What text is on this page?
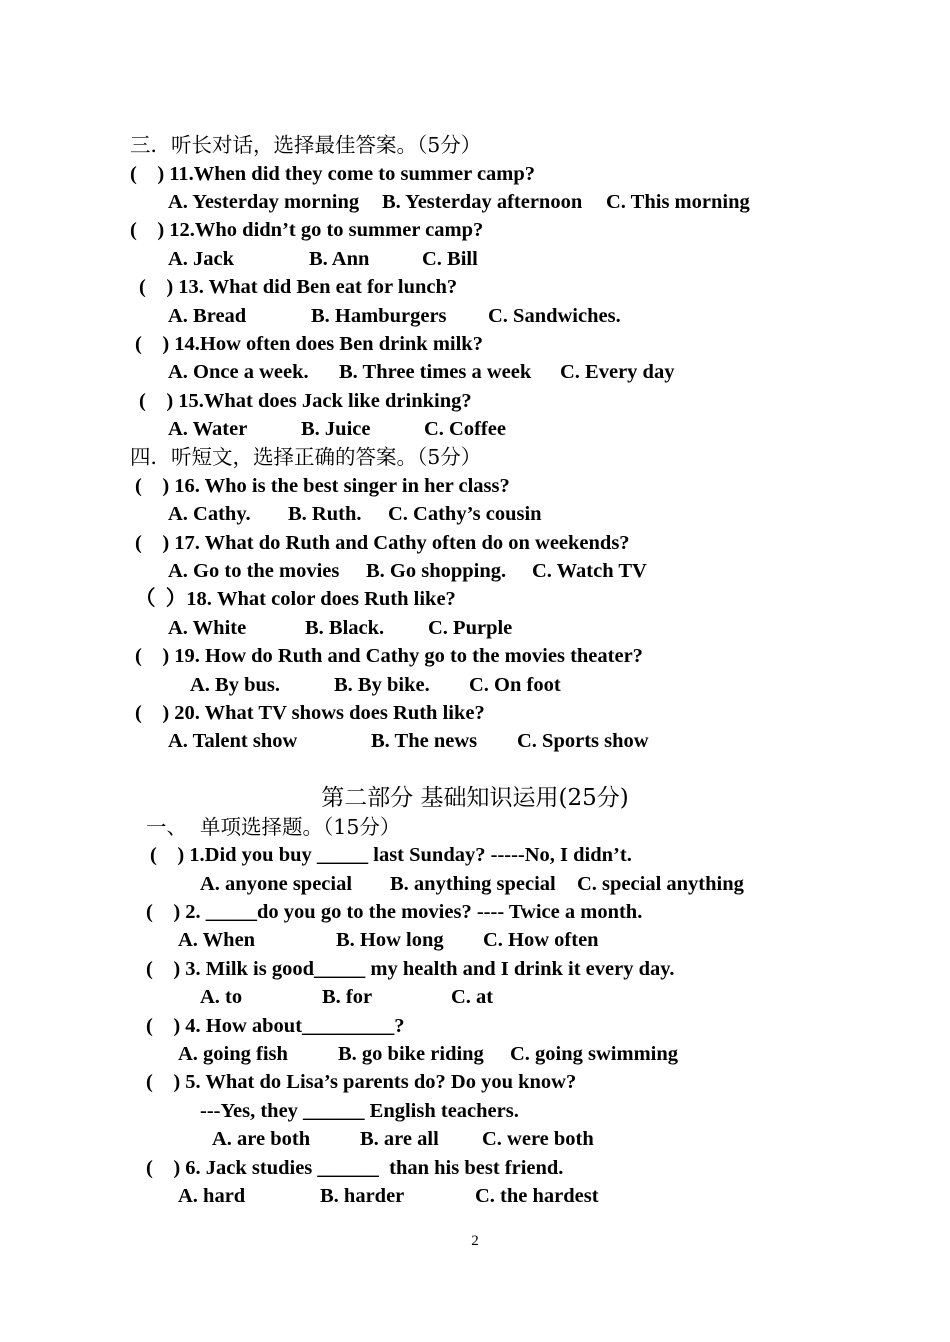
三．听长对话，选择最佳答案。（5分）
(    ) 11.When did they come to summer camp?

A. Yesterday morning

B. Yesterday afternoon

C. This morning

(    ) 12.Who didn’t go to summer camp?

A. Jack

	B. Ann

	C. Bill

(    ) 13. What did Ben eat for lunch?

A. Bread

	B. Hamburgers

C. Sandwiches.

(    ) 14.How often does Ben drink milk?

A. Once a week.

B. Three times a week

C. Every day

(    ) 15.What does Jack like drinking?

A. Water

	B. Juice

	C. Coffee

四．听短文，选择正确的答案。（5分）
(    ) 16. Who is the best singer in her class?

A. Cathy.

B. Ruth.

C. Cathy’s cousin

(    ) 17. What do Ruth and Cathy often do on weekends?

A. Go to the movies

B. Go shopping.

C. Watch TV

（  ）18. What color does Ruth like?

A. White

	B. Black.

C. Purple

(    ) 19. How do Ruth and Cathy go to the movies theater?

A. By bus.

	B. By bike.

C. On foot

(    ) 20. What TV shows does Ruth like?

A. Talent show

	B. The news

C. Sports show

第二部分 基础知识运用(25分)
一、  单项选择题。（15分）
(    ) 1.Did you buy _____ last Sunday? -----No, I didn’t.

A. anyone special

B. anything special

C. special anything

(    ) 2. _____do you go to the movies? ---- Twice a month.

A. When

	B. How long

C. How often

(    ) 3. Milk is good_____ my health and I drink it every day.

A. to

	B. for

	C. at

(    ) 4. How about_________?

A. going fish

B. go bike riding

C. going swimming

(    ) 5. What do Lisa’s parents do? Do you know?
---Yes, they ______ English teachers.

A. are both

B. are all

C. were both

(    ) 6. Jack studies ______  than his best friend.

A. hard

	B. harder

	C. the hardest

2
